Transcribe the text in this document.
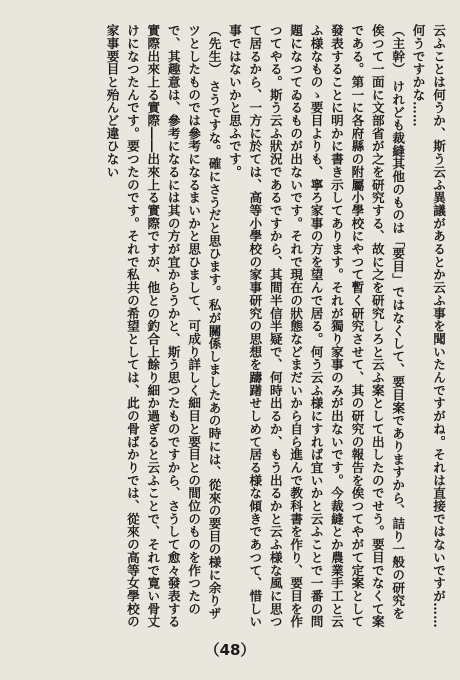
云ふことは何うか、斯う云ふ異議があるとか云ふ事を聞いたんですがね。それは直接ではないですが……何うですかな……

（主幹） けれども裁縫其他のものは「要目」ではなくして、要目案でありますから、詰り一般の研究を俟つて一面に文部省が之を研究する、故に之を研究しろと云ふ案として出したのでせう。要目でなくて案である。第一に各府縣の附屬小學校にやつて暫く研究させて、其の研究の報告を俟つてやがて定案として發表することに明かに書き示してあります。それが獨り家事のみが出ないです。今裁縫とか農業手工と云ふ様なものゝ要目よりも、寧ろ家事の方を望んで居る。何う云ふ様にすれば宜いかと云ふことで一番の問題になつてゐるものが出ないです。それで現在の狀態などまだいから自ら進んで教科書を作り、要目を作つてやる。斯う云ふ狀況であるですから、其間半信半疑で、何時出るか、もう出るかと云ふ様な風に思つて居るから、一方に於ては、高等小學校の家事研究の思想を躊躇せしめて居る様な傾きであつて、惜しい事ではないかと思ふです。

（先生） さうですな。確にさうだと思ひます。私が關係しましたあの時には、從來の要目の様に余りザツとしたものでは參考になるまいかと思ひまして、可成り詳しく細目と要目との間位のものを作つたので、其趣意は、參考になるには其の方が宜からうかと、斯う思つたものですから、さうして愈々發表する實際出來上る實際――出來上る實際ですが、他との釣合上餘り細か過ぎると云ふことで、それで寛い骨丈けになつたんです。要つたのです。それで私共の希望としては、此の骨ばかりでは、從來の高等女學校の家事要目と殆んど違ひない

（48）
